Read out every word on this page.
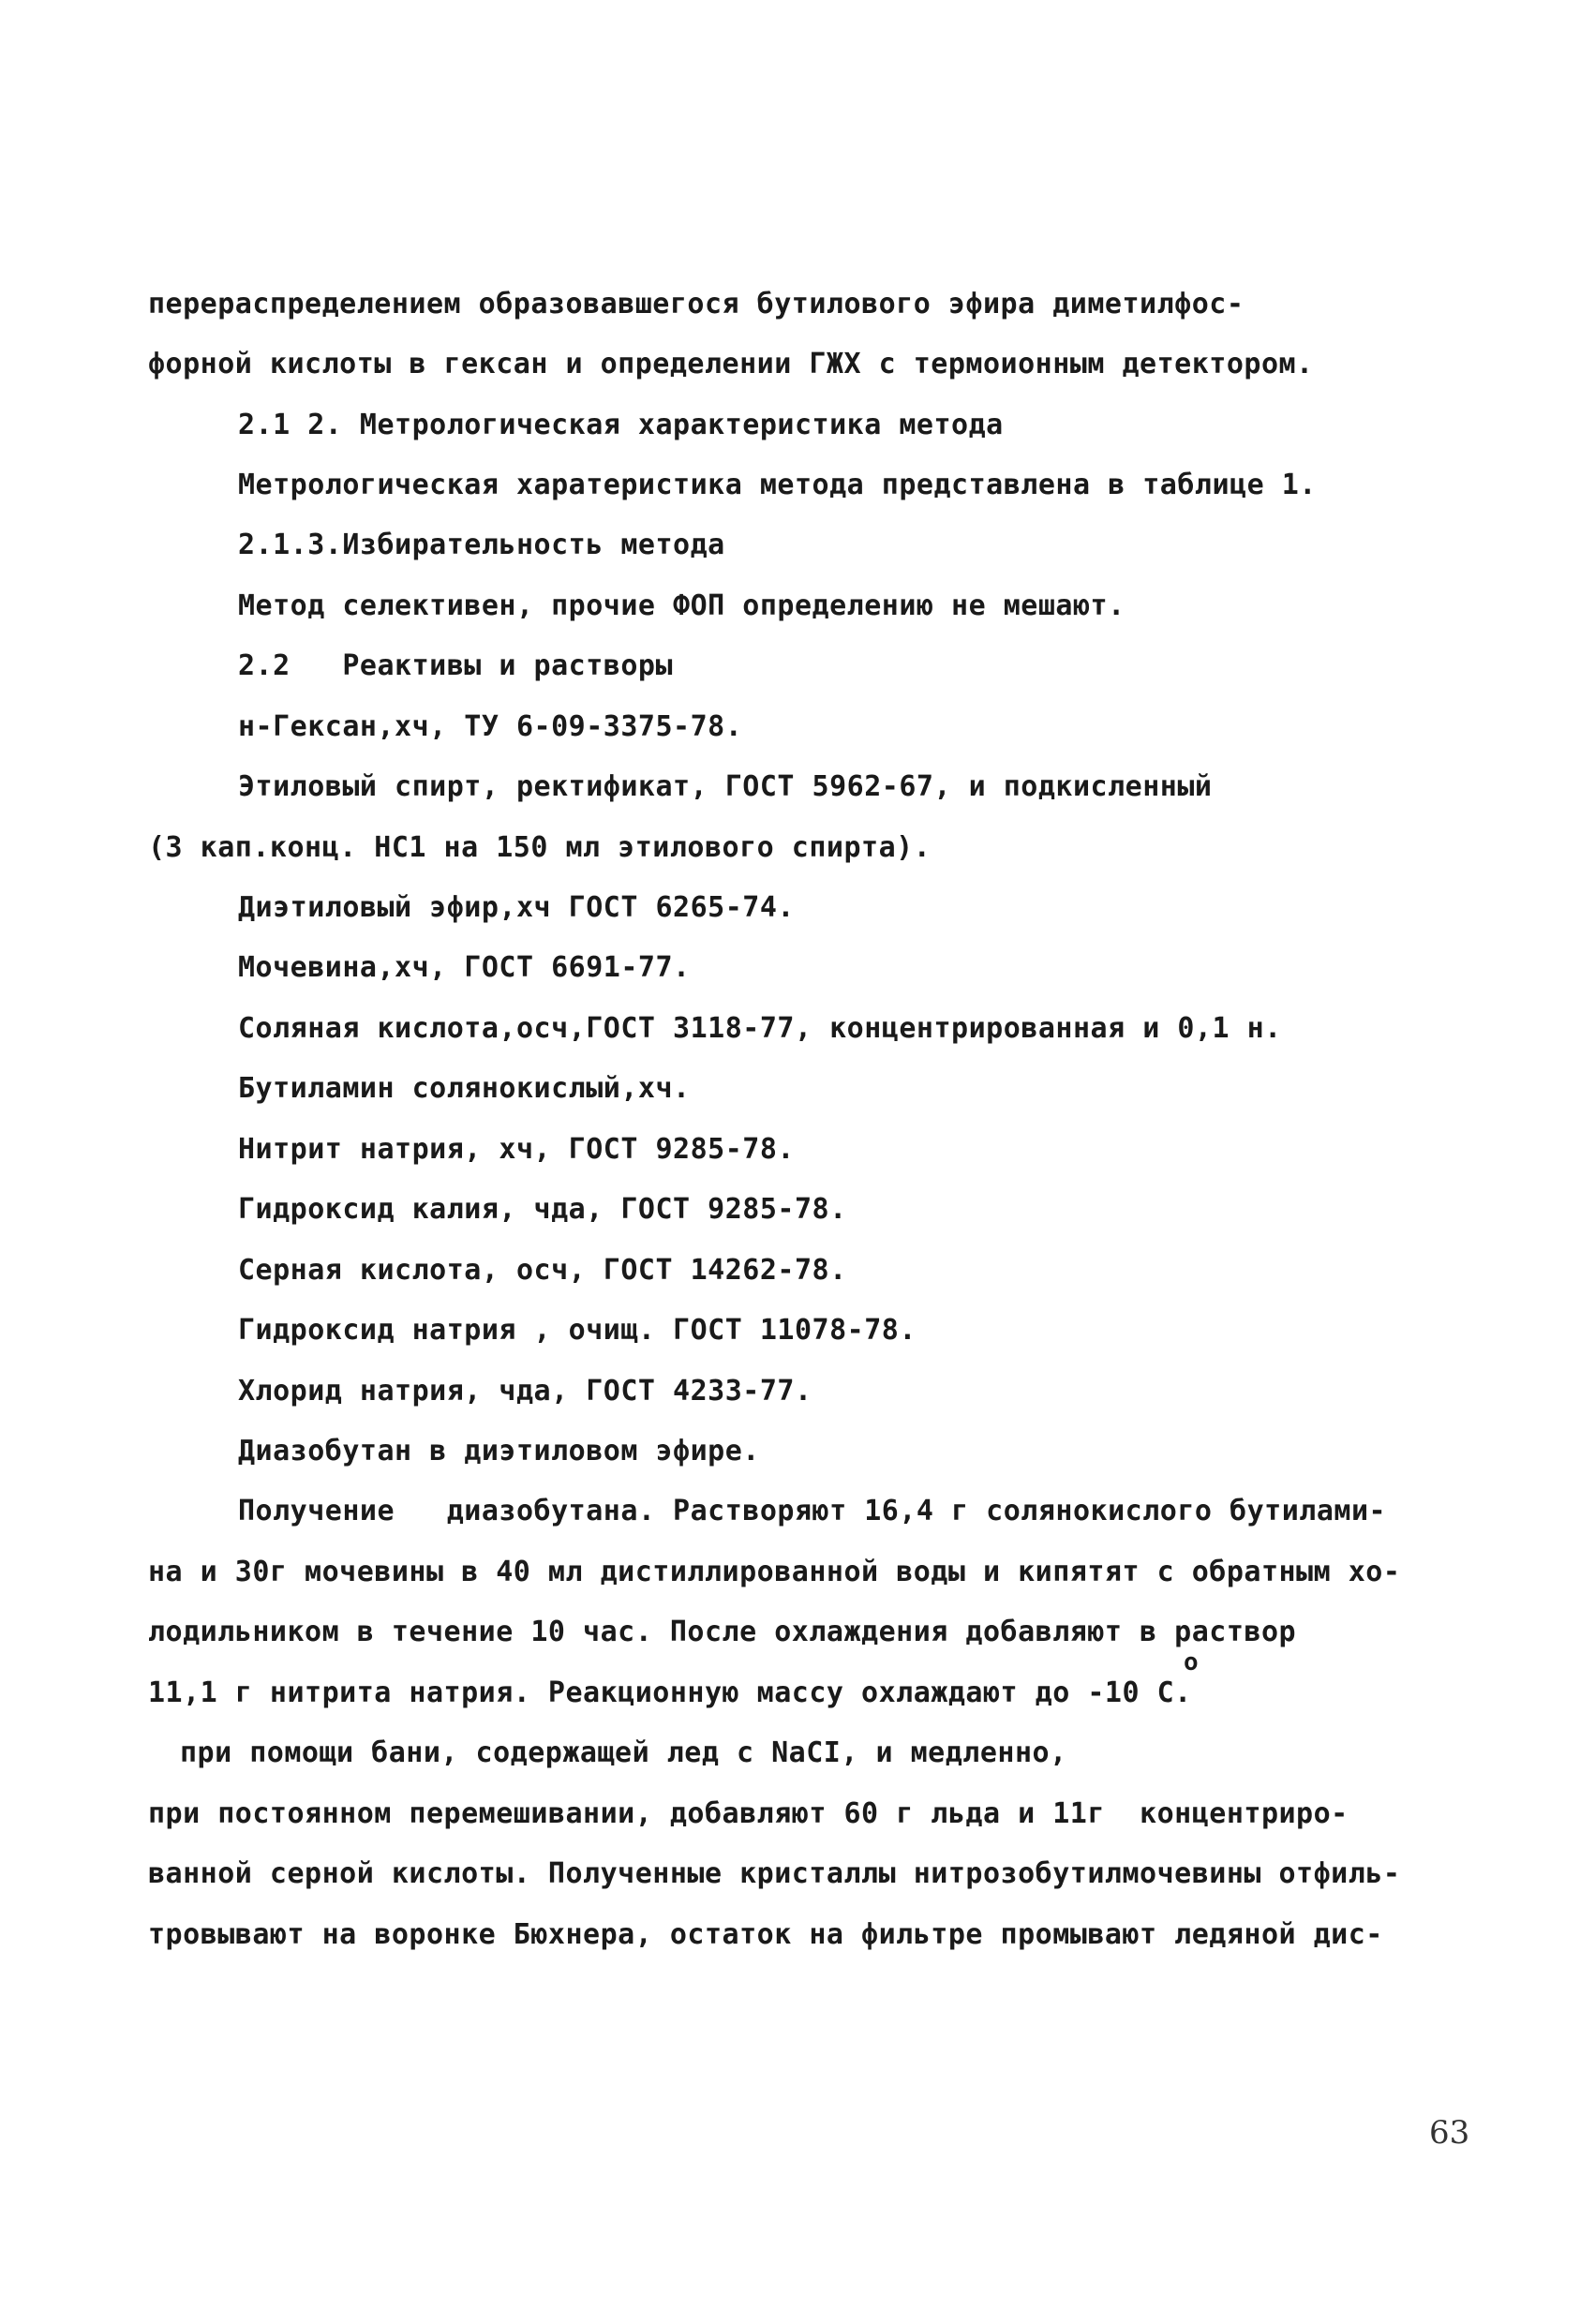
перераспределением образовавшегося бутилового эфира диметилфос-
форной кислоты в гексан и определении ГЖХ с термоионным детектором.
2.1 2. Метрологическая характеристика метода
Метрологическая харатеристика метода представлена в таблице 1.
2.1.3.Избирательность метода
Метод селективен, прочие ФОП определению не мешают.
2.2   Реактивы и растворы
н-Гексан,хч, ТУ 6-09-3375-78.
Этиловый спирт, ректификат, ГОСТ 5962-67, и подкисленный
(3 кап.конц. HC1 на 150 мл этилового спирта).
Диэтиловый эфир,хч ГОСТ 6265-74.
Мочевина,хч, ГОСТ 6691-77.
Соляная кислота,осч,ГОСТ 3118-77, концентрированная и 0,1 н.
Бутиламин солянокислый,хч.
Нитрит натрия, хч, ГОСТ 9285-78.
Гидроксид калия, чда, ГОСТ 9285-78.
Серная кислота, осч, ГОСТ 14262-78.
Гидроксид натрия , очищ. ГОСТ 11078-78.
Хлорид натрия, чда, ГОСТ 4233-77.
Диазобутан в диэтиловом эфире.
Получение   диазобутана. Растворяют 16,4 г солянокислого бутилами-
на и 30г мочевины в 40 мл дистиллированной воды и кипятят с обратным хо-
лодильником в течение 10 час. После охлаждения добавляют в раствор
о
11,1 г нитрита натрия. Реакционную массу охлаждают до -10 С.
при помощи бани, содержащей лед с NaCI, и медленно,
при постоянном перемешивании, добавляют 60 г льда и 11г  концентриро-
ванной серной кислоты. Полученные кристаллы нитрозобутилмочевины отфиль-
тровывают на воронке Бюхнера, остаток на фильтре промывают ледяной дис-
63
